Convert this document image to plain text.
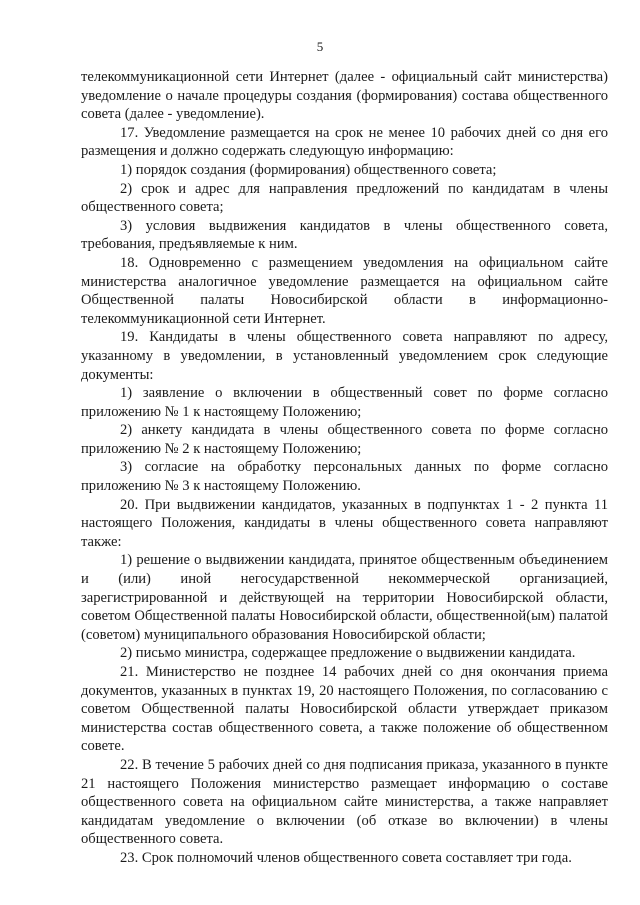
5

телекоммуникационной сети Интернет (далее - официальный сайт министерства) уведомление о начале процедуры создания (формирования) состава общественного совета (далее - уведомление).

17. Уведомление размещается на срок не менее 10 рабочих дней со дня его размещения и должно содержать следующую информацию:

1) порядок создания (формирования) общественного совета;

2) срок и адрес для направления предложений по кандидатам в члены общественного совета;

3) условия выдвижения кандидатов в члены общественного совета, требования, предъявляемые к ним.

18. Одновременно с размещением уведомления на официальном сайте министерства аналогичное уведомление размещается на официальном сайте Общественной палаты Новосибирской области в информационно-телекоммуникационной сети Интернет.

19. Кандидаты в члены общественного совета направляют по адресу, указанному в уведомлении, в установленный уведомлением срок следующие документы:

1) заявление о включении в общественный совет по форме согласно приложению № 1 к настоящему Положению;

2) анкету кандидата в члены общественного совета по форме согласно приложению № 2 к настоящему Положению;

3) согласие на обработку персональных данных по форме согласно приложению № 3 к настоящему Положению.

20. При выдвижении кандидатов, указанных в подпунктах 1 - 2 пункта 11 настоящего Положения, кандидаты в члены общественного совета направляют также:

1) решение о выдвижении кандидата, принятое общественным объединением и (или) иной негосударственной некоммерческой организацией, зарегистрированной и действующей на территории Новосибирской области, советом Общественной палаты Новосибирской области, общественной(ым) палатой (советом) муниципального образования Новосибирской области;

2) письмо министра, содержащее предложение о выдвижении кандидата.

21. Министерство не позднее 14 рабочих дней со дня окончания приема документов, указанных в пунктах 19, 20 настоящего Положения, по согласованию с советом Общественной палаты Новосибирской области утверждает приказом министерства состав общественного совета, а также положение об общественном совете.

22. В течение 5 рабочих дней со дня подписания приказа, указанного в пункте 21 настоящего Положения министерство размещает информацию о составе общественного совета на официальном сайте министерства, а также направляет кандидатам уведомление о включении (об отказе во включении) в члены общественного совета.

23. Срок полномочий членов общественного совета составляет три года.
